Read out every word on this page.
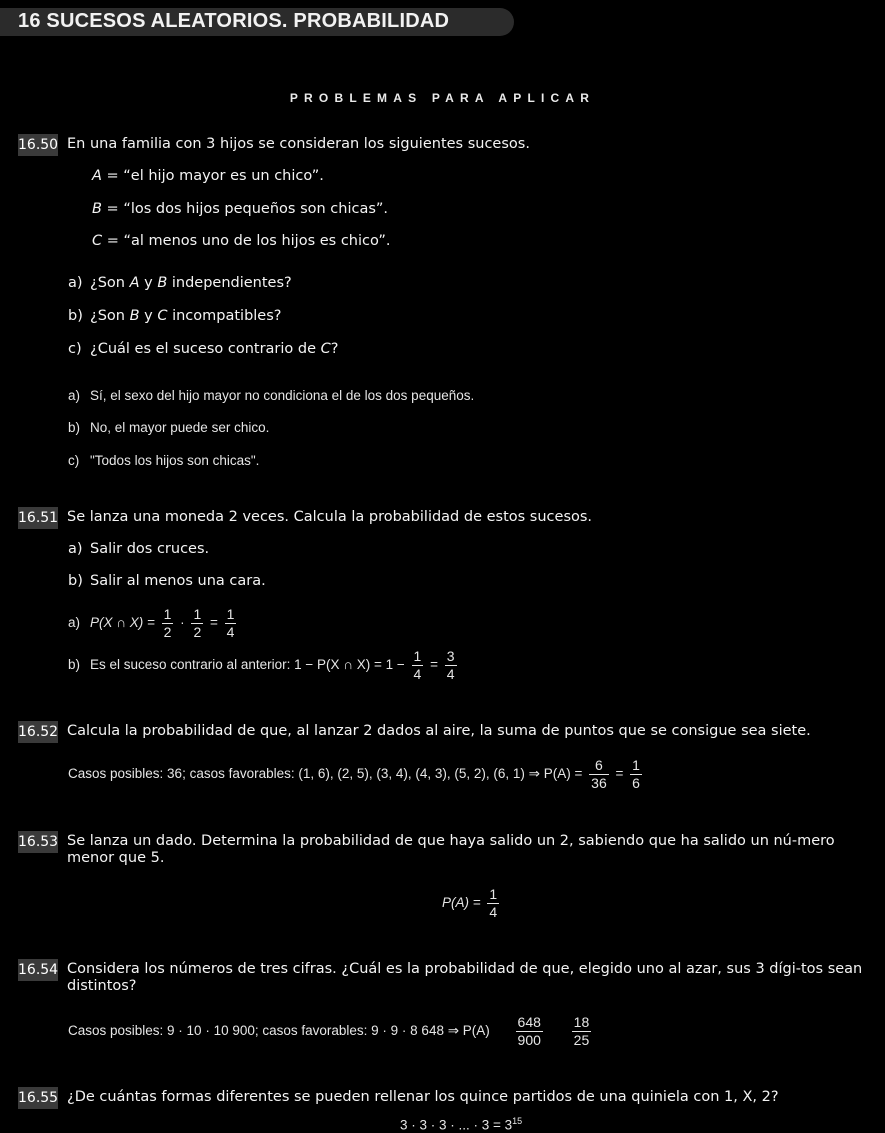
16 SUCESOS ALEATORIOS. PROBABILIDAD
PROBLEMAS PARA APLICAR
16.50 En una familia con 3 hijos se consideran los siguientes sucesos.
A = “el hijo mayor es un chico”.
B = “los dos hijos pequeños son chicas”.
C = “al menos uno de los hijos es chico”.
a) ¿Son A y B independientes?
b) ¿Son B y C incompatibles?
c) ¿Cuál es el suceso contrario de C?
a) Sí, el sexo del hijo mayor no condiciona el de los dos pequeños.
b) No, el mayor puede ser chico.
c) "Todos los hijos son chicas".
16.51 Se lanza una moneda 2 veces. Calcula la probabilidad de estos sucesos.
a) Salir dos cruces.
b) Salir al menos una cara.
a) P(X ∩ $X) = \frac{1}{2} \cdot \frac{1}{2} = \frac{1}{4}$
b) Es el suceso contrario al anterior: 1 − P(X ∩ $X) = 1 - \frac{1}{4} = \frac{3}{4}$
16.52 Calcula la probabilidad de que, al lanzar 2 dados al aire, la suma de puntos que se consigue sea siete.
Casos posibles: 36; casos favorables: (1, 6), (2, 5), (3, 4), (4, 3), (5, 2), (6, 1) ⇒ $P(A) = \frac{6}{36} = \frac{1}{6}$
16.53 Se lanza un dado. Determina la probabilidad de que haya salido un 2, sabiendo que ha salido un nú-mero menor que 5.
$P(A) = \frac{1}{4}$
16.54 Considera los números de tres cifras. ¿Cuál es la probabilidad de que, elegido uno al azar, sus 3 dígi-tos sean distintos?
Casos posibles: 9 · 10 · 10 900; casos favorables: 9 · 9 · 8 648 ⇒ $P(A) \frac{648}{900}$
$\frac{18}{25}$
16.55 ¿De cuántas formas diferentes se pueden rellenar los quince partidos de una quiniela con 1, X, 2?
3 · 3 · 3 · ... · $3 = 3^{15}$
